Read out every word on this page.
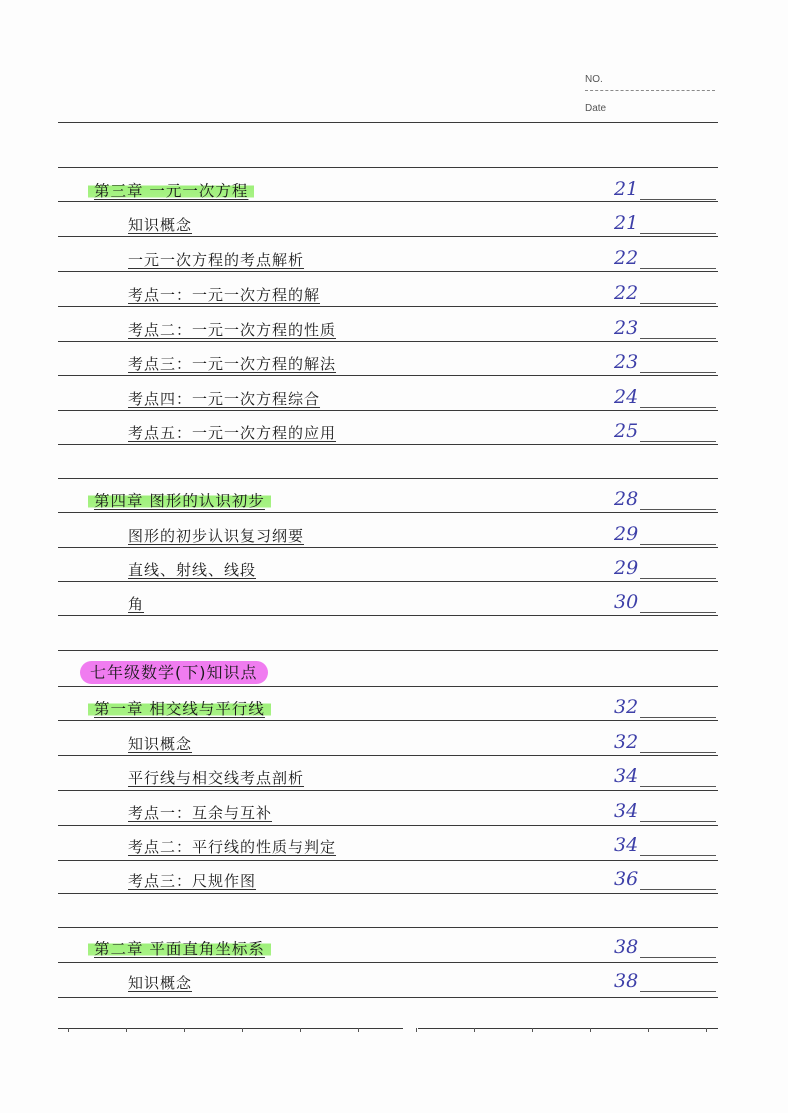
NO.
Date
第三章 一元一次方程	21
知识概念	21
一元一次方程的考点解析	22
考点一：一元一次方程的解	22
考点二：一元一次方程的性质	23
考点三：一元一次方程的解法	23
考点四：一元一次方程综合	24
考点五：一元一次方程的应用	25
第四章 图形的认识初步	28
图形的初步认识复习纲要	29
直线、射线、线段	29
角	30
七年级数学(下)知识点
第一章 相交线与平行线	32
知识概念	32
平行线与相交线考点剖析	34
考点一：互余与互补	34
考点二：平行线的性质与判定	34
考点三：尺规作图	36
第二章 平面直角坐标系	38
知识概念	38
